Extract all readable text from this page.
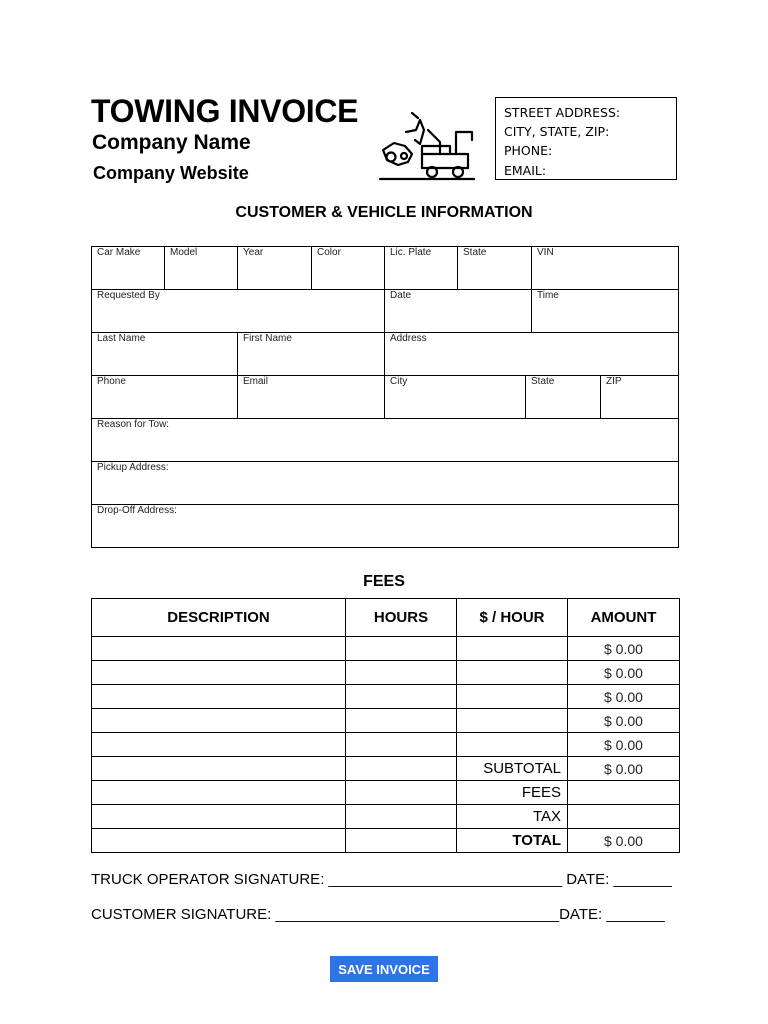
TOWING INVOICE
Company Name
Company Website
STREET ADDRESS:
CITY, STATE, ZIP:
PHONE:
EMAIL:
CUSTOMER & VEHICLE INFORMATION
Car Make	Model	Year	Color	Lic. Plate	State		VIN	

Requested By				Date			Time	

Last Name		First Name		Address				

Phone		Email		City		State		ZIP

Reason for Tow:								

Pickup Address:								

Drop-Off Address:								
FEES
DESCRIPTION	HOURS	$ / HOUR	AMOUNT
			$ 0.00
			$ 0.00
			$ 0.00
			$ 0.00
			$ 0.00
		SUBTOTAL	$ 0.00
		FEES	
		TAX	
		TOTAL	$ 0.00
TRUCK OPERATOR SIGNATURE: ____________________________ DATE: _______
CUSTOMER SIGNATURE: __________________________________DATE: _______
SAVE INVOICE
